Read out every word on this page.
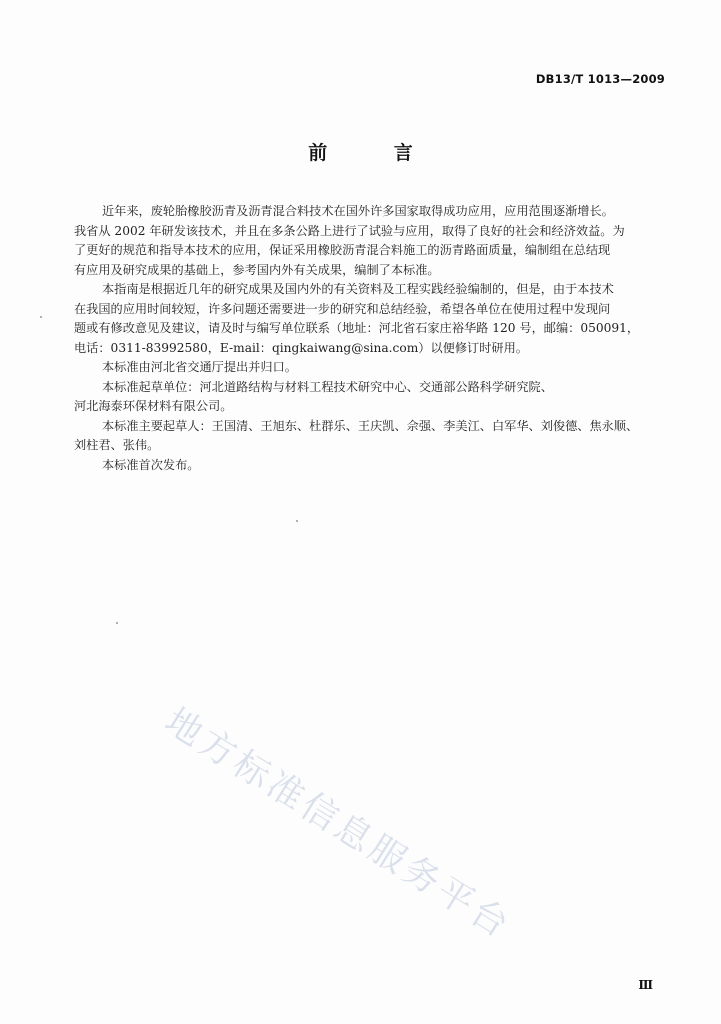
DB13/T 1013—2009
前 言

近年来，废轮胎橡胶沥青及沥青混合料技术在国外许多国家取得成功应用，应用范围逐渐增长。
我省从 2002 年研发该技术，并且在多条公路上进行了试验与应用，取得了良好的社会和经济效益。为
了更好的规范和指导本技术的应用，保证采用橡胶沥青混合料施工的沥青路面质量，编制组在总结现
有应用及研究成果的基础上，参考国内外有关成果，编制了本标准。

本指南是根据近几年的研究成果及国内外的有关资料及工程实践经验编制的，但是，由于本技术
在我国的应用时间较短，许多问题还需要进一步的研究和总结经验，希望各单位在使用过程中发现问
题或有修改意见及建议，请及时与编写单位联系（地址：河北省石家庄裕华路 120 号，邮编：050091，
电话：0311-83992580，E-mail：qingkaiwang@sina.com）以便修订时研用。

本标准由河北省交通厅提出并归口。

本标准起草单位：河北道路结构与材料工程技术研究中心、交通部公路科学研究院、
河北海泰环保材料有限公司。

本标准主要起草人：王国清、王旭东、杜群乐、王庆凯、佘强、李美江、白军华、刘俊德、焦永顺、
刘柱君、张伟。

本标准首次发布。

地方标准信息服务平台
Ⅲ
